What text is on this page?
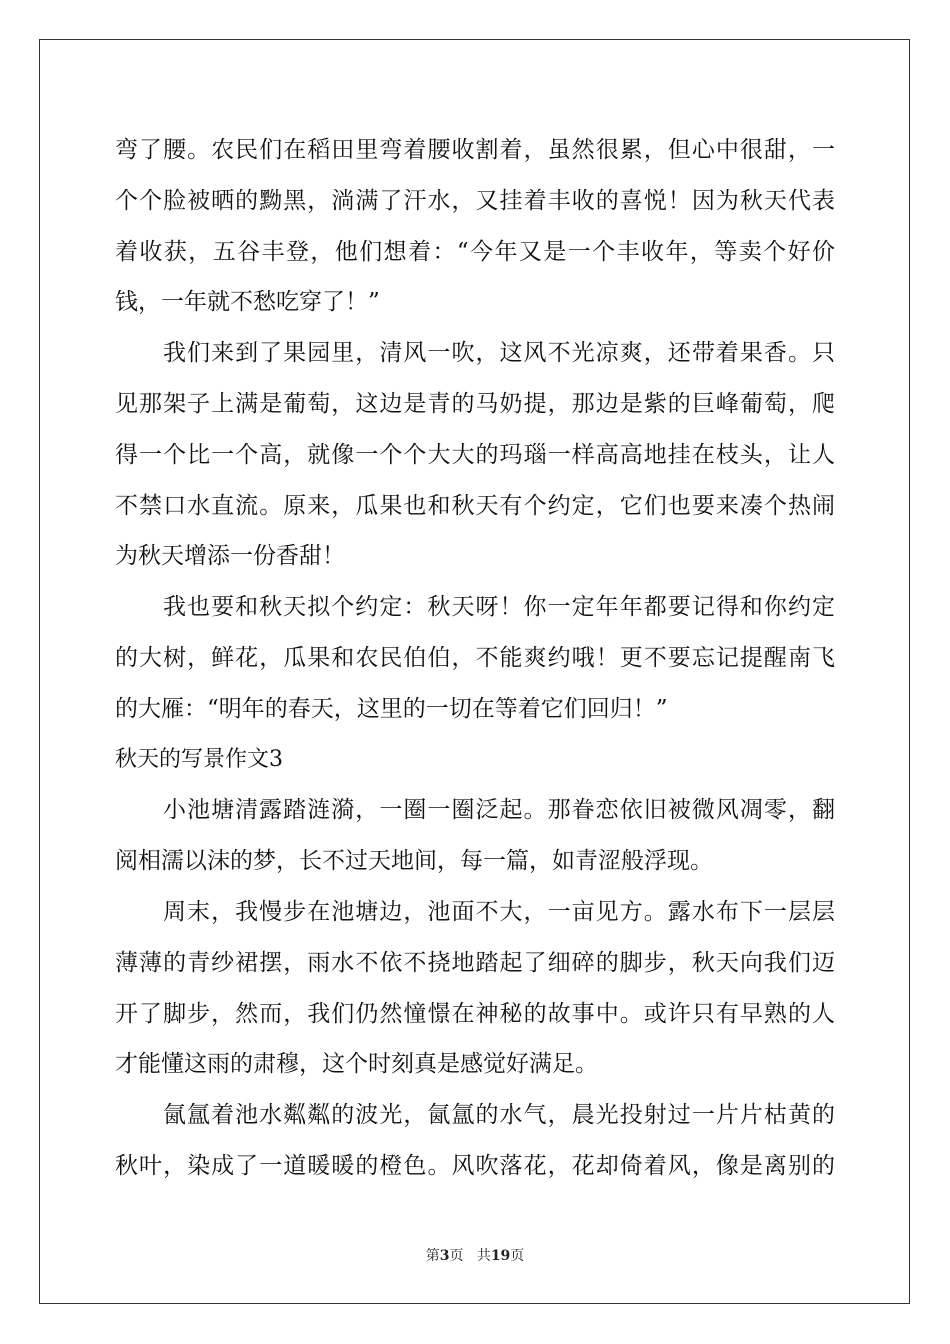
弯了腰。农民们在稻田里弯着腰收割着，虽然很累，但心中很甜，一
个个脸被晒的黝黑，淌满了汗水，又挂着丰收的喜悦！因为秋天代表
着收获，五谷丰登，他们想着：“今年又是一个丰收年，等卖个好价
钱，一年就不愁吃穿了！”
我们来到了果园里，清风一吹，这风不光凉爽，还带着果香。只
见那架子上满是葡萄，这边是青的马奶提，那边是紫的巨峰葡萄，爬
得一个比一个高，就像一个个大大的玛瑙一样高高地挂在枝头，让人
不禁口水直流。原来，瓜果也和秋天有个约定，它们也要来凑个热闹
为秋天增添一份香甜！
我也要和秋天拟个约定：秋天呀！你一定年年都要记得和你约定
的大树，鲜花，瓜果和农民伯伯，不能爽约哦！更不要忘记提醒南飞
的大雁：“明年的春天，这里的一切在等着它们回归！”
秋天的写景作文3
小池塘清露踏涟漪，一圈一圈泛起。那眷恋依旧被微风凋零，翻
阅相濡以沫的梦，长不过天地间，每一篇，如青涩般浮现。
周末，我慢步在池塘边，池面不大，一亩见方。露水布下一层层
薄薄的青纱裙摆，雨水不依不挠地踏起了细碎的脚步，秋天向我们迈
开了脚步，然而，我们仍然憧憬在神秘的故事中。或许只有早熟的人
才能懂这雨的肃穆，这个时刻真是感觉好满足。
氤氲着池水粼粼的波光，氤氲的水气，晨光投射过一片片枯黄的
秋叶，染成了一道暖暖的橙色。风吹落花，花却倚着风，像是离别的
第3页 共19页
